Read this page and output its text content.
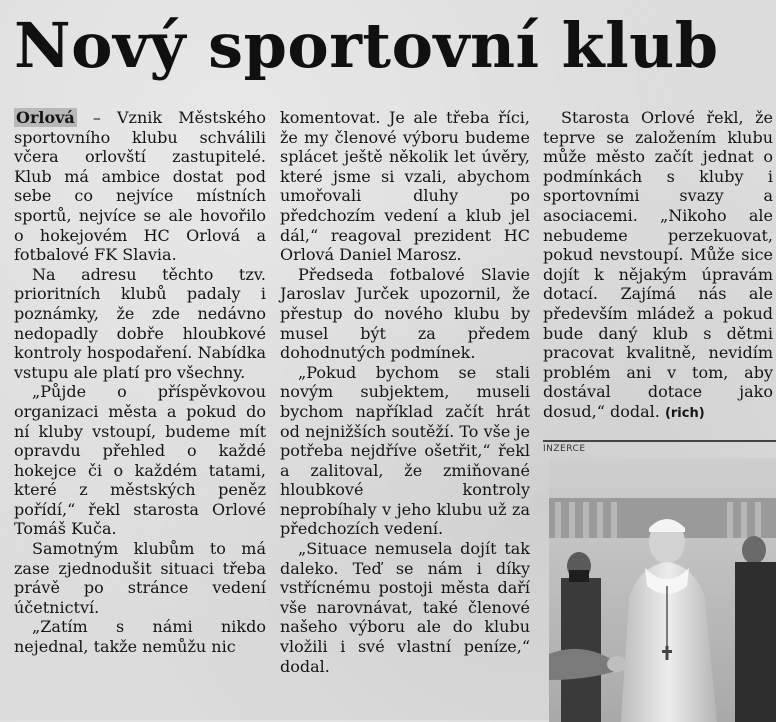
Nový sportovní klub

Orlová – Vznik Městského sportovního klubu schválili včera orlovští zastupitelé. Klub má ambice dostat pod sebe co nejvíce místních sportů, nejvíce se ale hovořilo o hokejovém HC Orlová a fotbalové FK Slavia.

Na adresu těchto tzv. prioritních klubů padaly i poznámky, že zde nedávno nedopadly dobře hloubkové kontroly hospodaření. Nabídka vstupu ale platí pro všechny.

„Půjde o příspěvkovou organizaci města a pokud do ní kluby vstoupí, budeme mít opravdu přehled o každé hokejce či o každém tatami, které z městských peněz pořídí,“ řekl starosta Orlové Tomáš Kuča.

Samotným klubům to má zase zjednodušit situaci třeba právě po stránce vedení účetnictví.

„Zatím s námi nikdo nejednal, takže nemůžu nic

komentovat. Je ale třeba říci, že my členové výboru budeme splácet ještě několik let úvěry, které jsme si vzali, abychom umořovali dluhy po předchozím vedení a klub jel dál,“ reagoval prezident HC Orlová Daniel Marosz.

Předseda fotbalové Slavie Jaroslav Jurček upozornil, že přestup do nového klubu by musel být za předem dohodnutých podmínek.

„Pokud bychom se stali novým subjektem, museli bychom například začít hrát od nejnižších soutěží. To vše je potřeba nejdříve ošetřit,“ řekl a zalitoval, že zmiňované hloubkové kontroly neprobíhaly v jeho klubu už za předchozích vedení.

„Situace nemusela dojít tak daleko. Teď se nám i díky vstřícnému postoji města daří vše narovnávat, také členové našeho výboru ale do klubu vložili i své vlastní peníze,“ dodal.

Starosta Orlové řekl, že teprve se založením klubu může město začít jednat o podmínkách s kluby i sportovními svazy a asociacemi. „Nikoho ale nebudeme perzekuovat, pokud nevstoupí. Může sice dojít k nějakým úpravám dotací. Zajímá nás ale především mládež a pokud bude daný klub s dětmi pracovat kvalitně, nevidím problém ani v tom, aby dostával dotace jako dosud,“ dodal. (rich)

INZERCE
